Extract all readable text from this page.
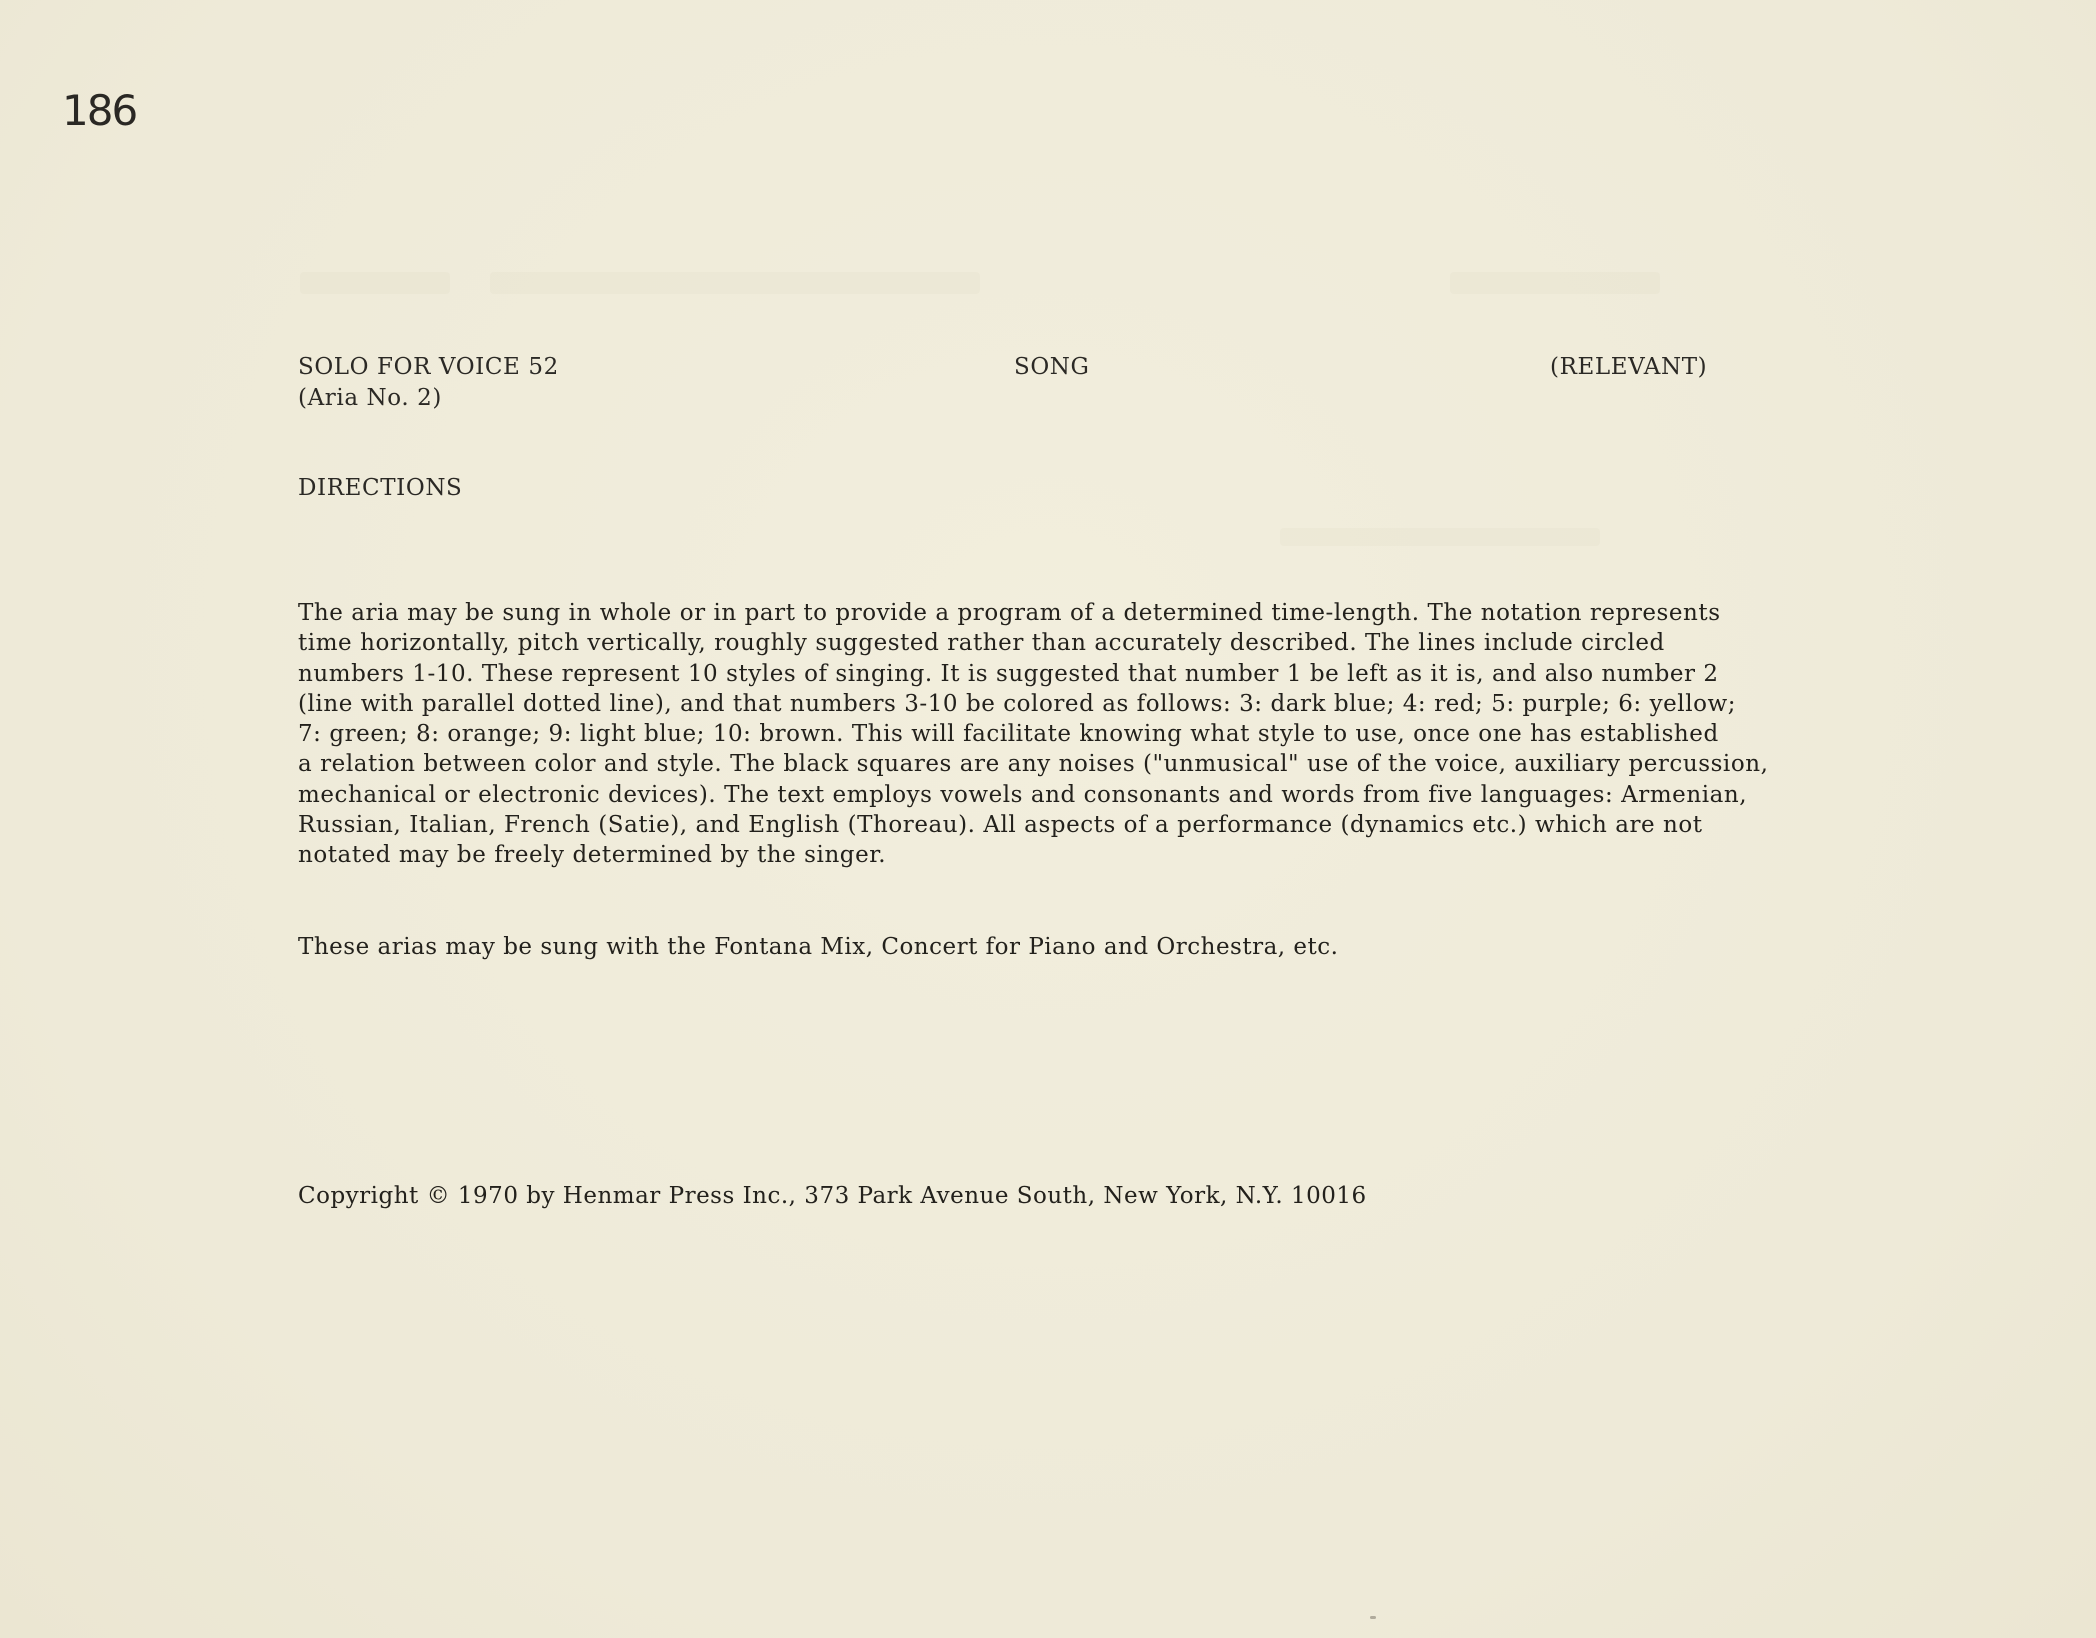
186
SOLO FOR VOICE 52
(Aria No. 2)
SONG	(RELEVANT)
DIRECTIONS
The aria may be sung in whole or in part to provide a program of a determined time-length. The notation represents
time horizontally, pitch vertically, roughly suggested rather than accurately described. The lines include circled
numbers 1-10. These represent 10 styles of singing. It is suggested that number 1 be left as it is, and also number 2
(line with parallel dotted line), and that numbers 3-10 be colored as follows: 3: dark blue; 4: red; 5: purple; 6: yellow;
7: green; 8: orange; 9: light blue; 10: brown. This will facilitate knowing what style to use, once one has established
a relation between color and style. The black squares are any noises ("unmusical" use of the voice, auxiliary percussion,
mechanical or electronic devices). The text employs vowels and consonants and words from five languages: Armenian,
Russian, Italian, French (Satie), and English (Thoreau). All aspects of a performance (dynamics etc.) which are not
notated may be freely determined by the singer.
These arias may be sung with the Fontana Mix, Concert for Piano and Orchestra, etc.
Copyright © 1970 by Henmar Press Inc., 373 Park Avenue South, New York, N.Y. 10016
